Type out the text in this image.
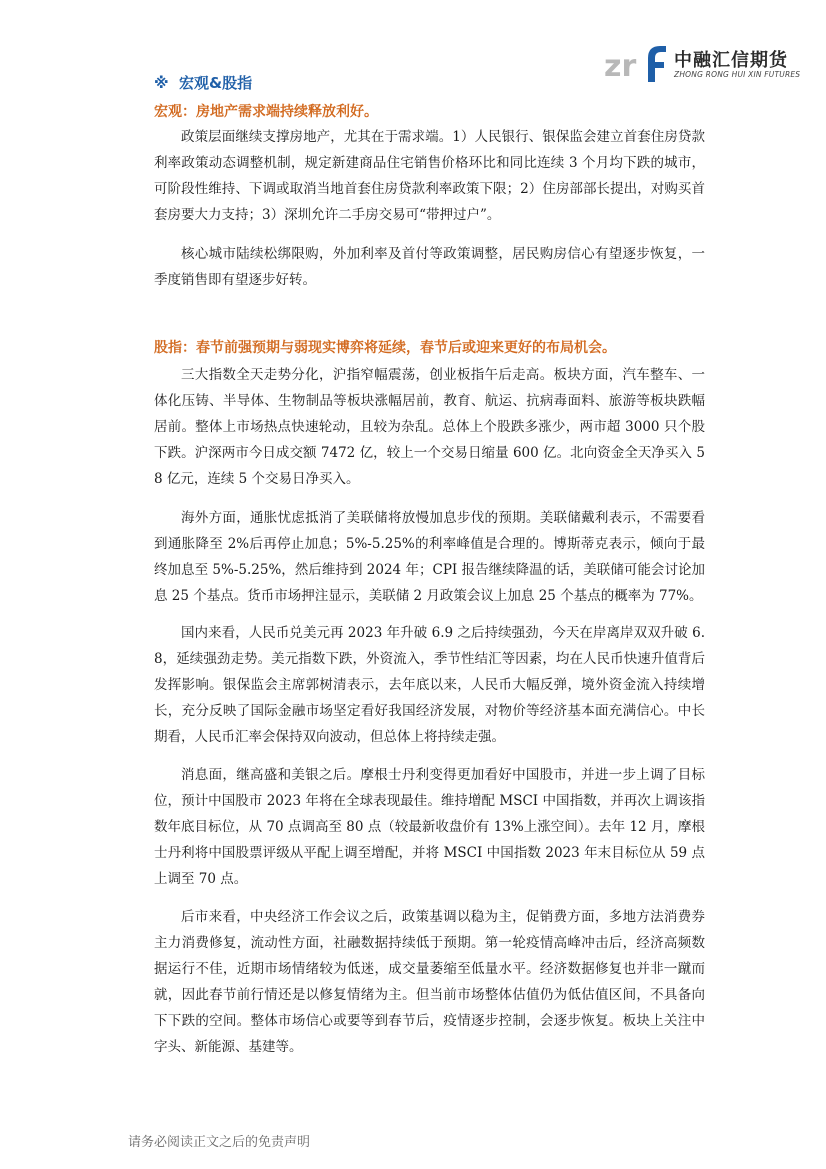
zr 中融汇信期货
ZHONG RONG HUI XIN FUTURES
※ 宏观&股指
宏观：房地产需求端持续释放利好。

政策层面继续支撑房地产，尤其在于需求端。1）人民银行、银保监会建立首套住房贷款利率政策动态调整机制，规定新建商品住宅销售价格环比和同比连续 3 个月均下跌的城市，可阶段性维持、下调或取消当地首套住房贷款利率政策下限；2）住房部部长提出，对购买首套房要大力支持；3）深圳允许二手房交易可“带押过户”。

核心城市陆续松绑限购，外加利率及首付等政策调整，居民购房信心有望逐步恢复，一季度销售即有望逐步好转。

股指：春节前强预期与弱现实博弈将延续，春节后或迎来更好的布局机会。

三大指数全天走势分化，沪指窄幅震荡，创业板指午后走高。板块方面，汽车整车、一体化压铸、半导体、生物制品等板块涨幅居前，教育、航运、抗病毒面料、旅游等板块跌幅居前。整体上市场热点快速轮动，且较为杂乱。总体上个股跌多涨少，两市超 3000 只个股下跌。沪深两市今日成交额 7472 亿，较上一个交易日缩量 600 亿。北向资金全天净买入 58 亿元，连续 5 个交易日净买入。

海外方面，通胀忧虑抵消了美联储将放慢加息步伐的预期。美联储戴利表示，不需要看到通胀降至 2%后再停止加息；5%-5.25%的利率峰值是合理的。博斯蒂克表示，倾向于最终加息至 5%-5.25%，然后维持到 2024 年；CPI 报告继续降温的话，美联储可能会讨论加息 25 个基点。货币市场押注显示，美联储 2 月政策会议上加息 25 个基点的概率为 77%。

国内来看，人民币兑美元再 2023 年升破 6.9 之后持续强劲，今天在岸离岸双双升破 6.8，延续强劲走势。美元指数下跌，外资流入，季节性结汇等因素，均在人民币快速升值背后发挥影响。银保监会主席郭树清表示，去年底以来，人民币大幅反弹，境外资金流入持续增长，充分反映了国际金融市场坚定看好我国经济发展，对物价等经济基本面充满信心。中长期看，人民币汇率会保持双向波动，但总体上将持续走强。

消息面，继高盛和美银之后。摩根士丹利变得更加看好中国股市，并进一步上调了目标位，预计中国股市 2023 年将在全球表现最佳。维持增配 MSCI 中国指数，并再次上调该指数年底目标位，从 70 点调高至 80 点（较最新收盘价有 13%上涨空间）。去年 12 月，摩根士丹利将中国股票评级从平配上调至增配，并将 MSCI 中国指数 2023 年末目标位从 59 点上调至 70 点。

后市来看，中央经济工作会议之后，政策基调以稳为主，促销费方面，多地方法消费券主力消费修复，流动性方面，社融数据持续低于预期。第一轮疫情高峰冲击后，经济高频数据运行不佳，近期市场情绪较为低迷，成交量萎缩至低量水平。经济数据修复也并非一蹴而就，因此春节前行情还是以修复情绪为主。但当前市场整体估值仍为低估值区间，不具备向下下跌的空间。整体市场信心或要等到春节后，疫情逐步控制，会逐步恢复。板块上关注中字头、新能源、基建等。

请务必阅读正文之后的免责声明
